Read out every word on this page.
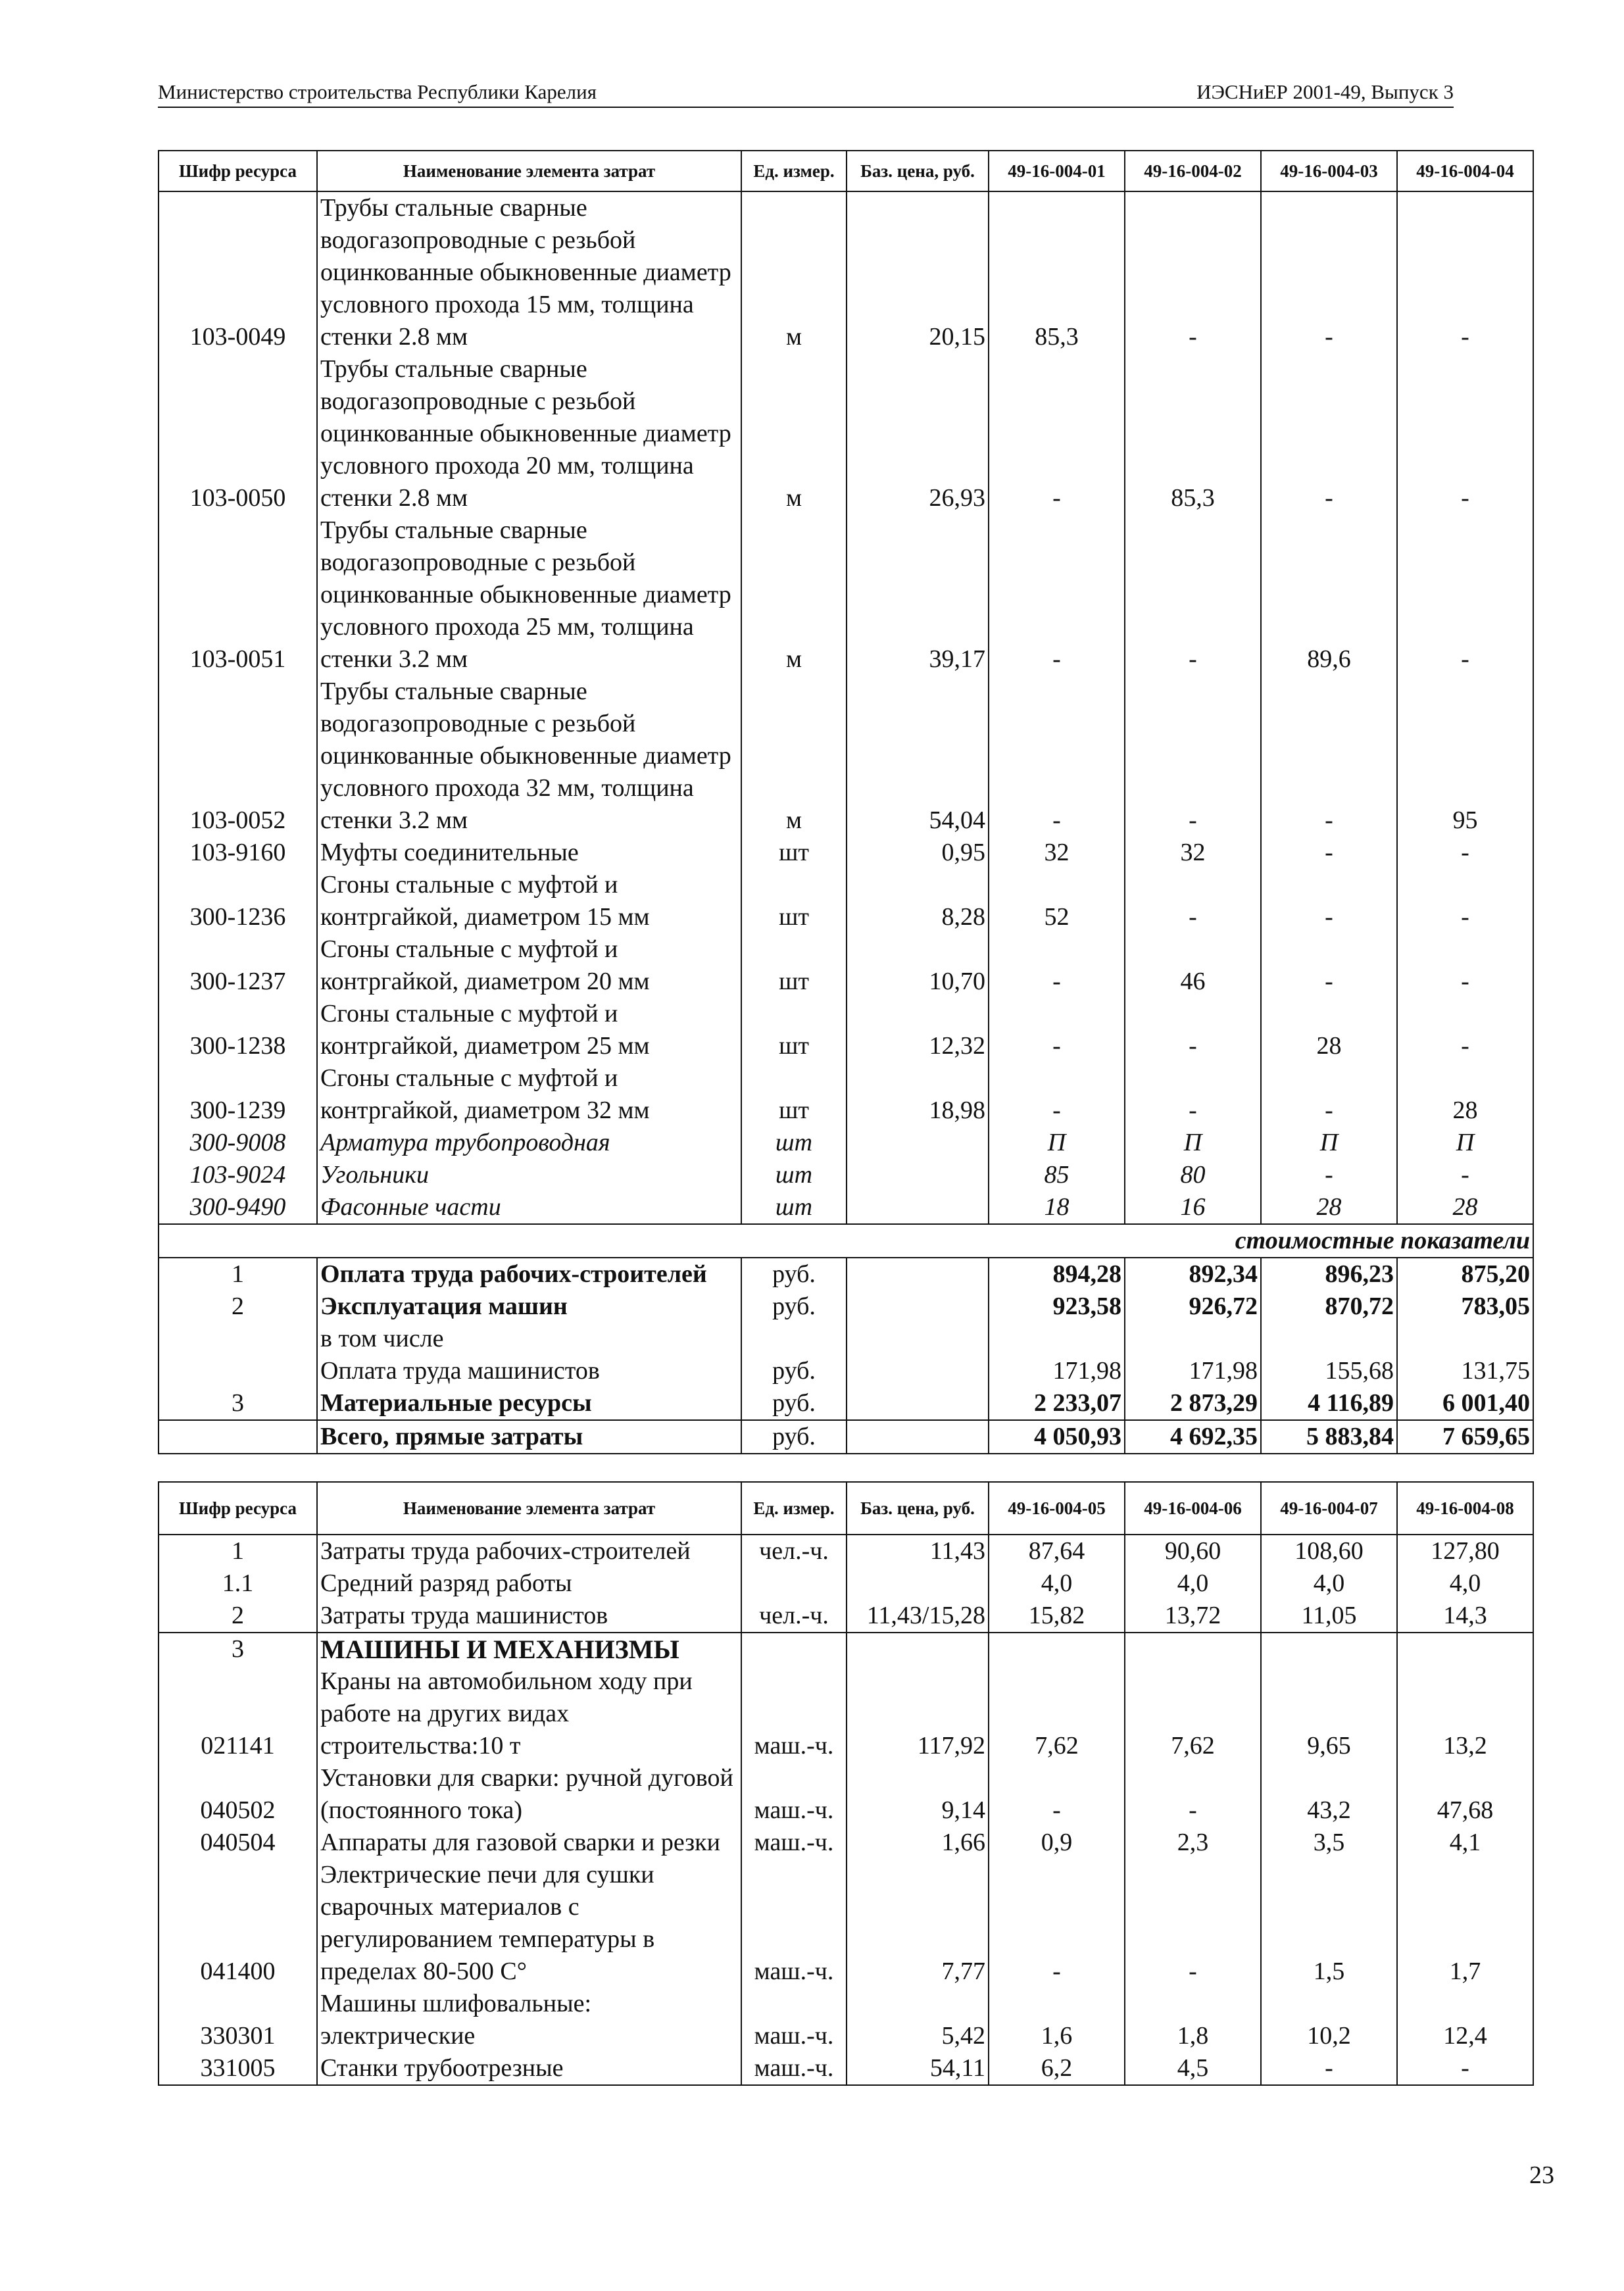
Министерство строительства Республики Карелия	ИЭСНиЕР 2001-49, Выпуск 3
Шифр ресурса	Наименование элемента затрат	Ед. измер.	Баз. цена, руб.	49-16-004-01	49-16-004-02	49-16-004-03	49-16-004-04
103-0049	Трубы стальные сварные водогазопроводные с резьбой оцинкованные обыкновенные диаметр условного прохода 15 мм, толщина стенки 2.8 мм	м	20,15	85,3	-	-	-
103-0050	Трубы стальные сварные водогазопроводные с резьбой оцинкованные обыкновенные диаметр условного прохода 20 мм, толщина стенки 2.8 мм	м	26,93	-	85,3	-	-
103-0051	Трубы стальные сварные водогазопроводные с резьбой оцинкованные обыкновенные диаметр условного прохода 25 мм, толщина стенки 3.2 мм	м	39,17	-	-	89,6	-
103-0052	Трубы стальные сварные водогазопроводные с резьбой оцинкованные обыкновенные диаметр условного прохода 32 мм, толщина стенки 3.2 мм	м	54,04	-	-	-	95
103-9160	Муфты соединительные	шт	0,95	32	32	-	-
300-1236	Сгоны стальные с муфтой и контргайкой, диаметром 15 мм	шт	8,28	52	-	-	-
300-1237	Сгоны стальные с муфтой и контргайкой, диаметром 20 мм	шт	10,70	-	46	-	-
300-1238	Сгоны стальные с муфтой и контргайкой, диаметром 25 мм	шт	12,32	-	-	28	-
300-1239	Сгоны стальные с муфтой и контргайкой, диаметром 32 мм	шт	18,98	-	-	-	28
300-9008	Арматура трубопроводная	шт		П	П	П	П
103-9024	Угольники	шт		85	80	-	-
300-9490	Фасонные части	шт		18	16	28	28
стоимостные показатели							
1	Оплата труда рабочих-строителей	руб.		894,28	892,34	896,23	875,20
2	Эксплуатация машин	руб.		923,58	926,72	870,72	783,05
	в том числе						
	Оплата труда машинистов	руб.		171,98	171,98	155,68	131,75
3	Материальные ресурсы	руб.		2 233,07	2 873,29	4 116,89	6 001,40
	Всего, прямые затраты	руб.		4 050,93	4 692,35	5 883,84	7 659,65
Шифр ресурса	Наименование элемента затрат	Ед. измер.	Баз. цена, руб.	49-16-004-05	49-16-004-06	49-16-004-07	49-16-004-08
1	Затраты труда рабочих-строителей	чел.-ч.	11,43	87,64	90,60	108,60	127,80
1.1	Средний разряд работы			4,0	4,0	4,0	4,0
2	Затраты труда машинистов	чел.-ч.	11,43/15,28	15,82	13,72	11,05	14,3
3	МАШИНЫ И МЕХАНИЗМЫ						
021141	Краны на автомобильном ходу при работе на других видах строительства:10 т	маш.-ч.	117,92	7,62	7,62	9,65	13,2
040502	Установки для сварки: ручной дуговой (постоянного тока)	маш.-ч.	9,14	-	-	43,2	47,68
040504	Аппараты для газовой сварки и резки	маш.-ч.	1,66	0,9	2,3	3,5	4,1
041400	Электрические печи для сушки сварочных материалов с регулированием температуры в пределах 80-500 С°	маш.-ч.	7,77	-	-	1,5	1,7
330301	Машины шлифовальные: электрические	маш.-ч.	5,42	1,6	1,8	10,2	12,4
331005	Станки трубоотрезные	маш.-ч.	54,11	6,2	4,5	-	-
23
